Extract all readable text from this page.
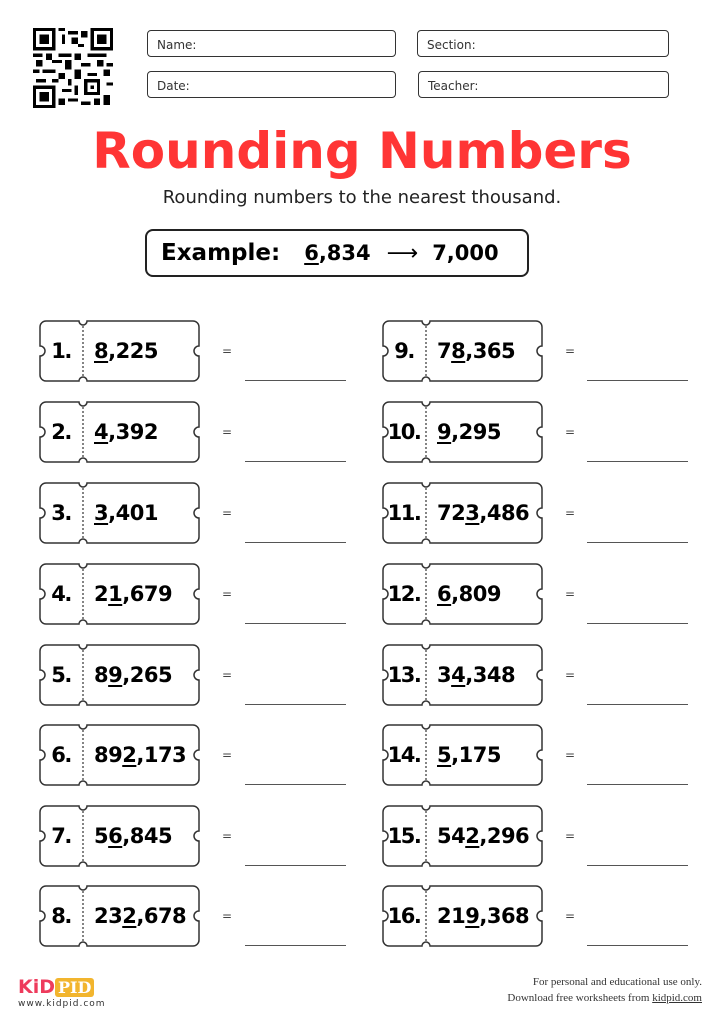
Name:	Section:
Date:	Teacher:
Rounding Numbers
Rounding numbers to the nearest thousand.
Example: 6,834 ⟶ 7,000
1.	8,225	=
2.	4,392	=
3.	3,401	=
4.	21,679	=
5.	89,265	=
6.	892,173	=
7.	56,845	=
8.	232,678	=
9.	78,365	=
10. 9,295	=
11. 723,486	=
12. 6,809	=
13. 34,348	=
14. 5,175	=
15. 542,296	=
16. 219,368	=
KiD PID
www.kidpid.com
For personal and educational use only.
Download free worksheets from kidpid.com
